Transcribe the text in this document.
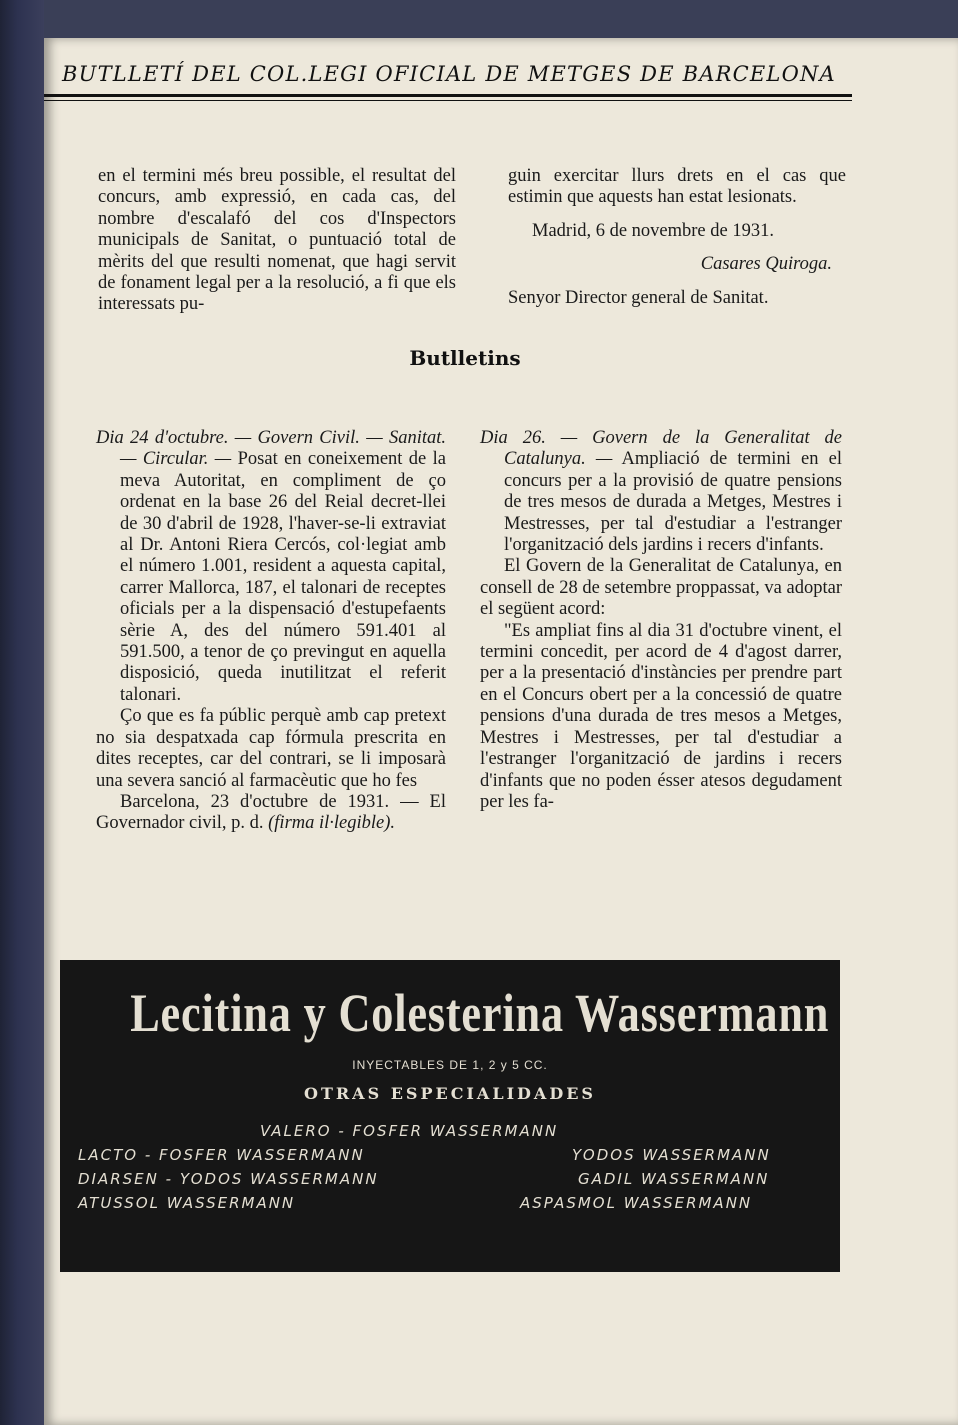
BUTLLETÍ DEL COL.LEGI OFICIAL DE METGES DE BARCELONA

en el termini més breu possible, el resultat del concurs, amb expressió, en cada cas, del nombre d'escalafó del cos d'Inspectors municipals de Sanitat, o puntuació total de mèrits del que resulti nomenat, que hagi servit de fonament legal per a la resolució, a fi que els interessats pu-

guin exercitar llurs drets en el cas que estimin que aquests han estat lesionats.

Madrid, 6 de novembre de 1931.

Casares Quiroga.

Senyor Director general de Sanitat.

Butlletins

Dia 24 d'octubre. — Govern Civil. — Sanitat. — Circular. — Posat en coneixement de la meva Autoritat, en compliment de ço ordenat en la base 26 del Reial decret-llei de 30 d'abril de 1928, l'haver-se-li extraviat al Dr. Antoni Riera Cercós, col·legiat amb el número 1.001, resident a aquesta capital, carrer Mallorca, 187, el talonari de receptes oficials per a la dispensació d'estupefaents sèrie A, des del número 591.401 al 591.500, a tenor de ço previngut en aquella disposició, queda inutilitzat el referit talonari.

Ço que es fa públic perquè amb cap pretext no sia despatxada cap fórmula prescrita en dites receptes, car del contrari, se li imposarà una severa sanció al farmacèutic que ho fes

Barcelona, 23 d'octubre de 1931. — El Governador civil, p. d. (firma il·legible).

Dia 26. — Govern de la Generalitat de Catalunya. — Ampliació de termini en el concurs per a la provisió de quatre pensions de tres mesos de durada a Metges, Mestres i Mestresses, per tal d'estudiar a l'estranger l'organització dels jardins i recers d'infants.

El Govern de la Generalitat de Catalunya, en consell de 28 de setembre proppassat, va adoptar el següent acord:

"Es ampliat fins al dia 31 d'octubre vinent, el termini concedit, per acord de 4 d'agost darrer, per a la presentació d'instàncies per prendre part en el Concurs obert per a la concessió de quatre pensions d'una durada de tres mesos a Metges, Mestres i Mestresses, per tal d'estudiar a l'estranger l'organització de jardins i recers d'infants que no poden ésser atesos degudament per les fa-

Lecitina y Colesterina Wassermann
INYECTABLES DE 1, 2 y 5 CC.
OTRAS ESPECIALIDADES
VALERO - FOSFER WASSERMANN
LACTO - FOSFER WASSERMANN
DIARSEN - YODOS WASSERMANN
ATUSSOL WASSERMANN
YODOS WASSERMANN
GADIL WASSERMANN
ASPASMOL WASSERMANN
